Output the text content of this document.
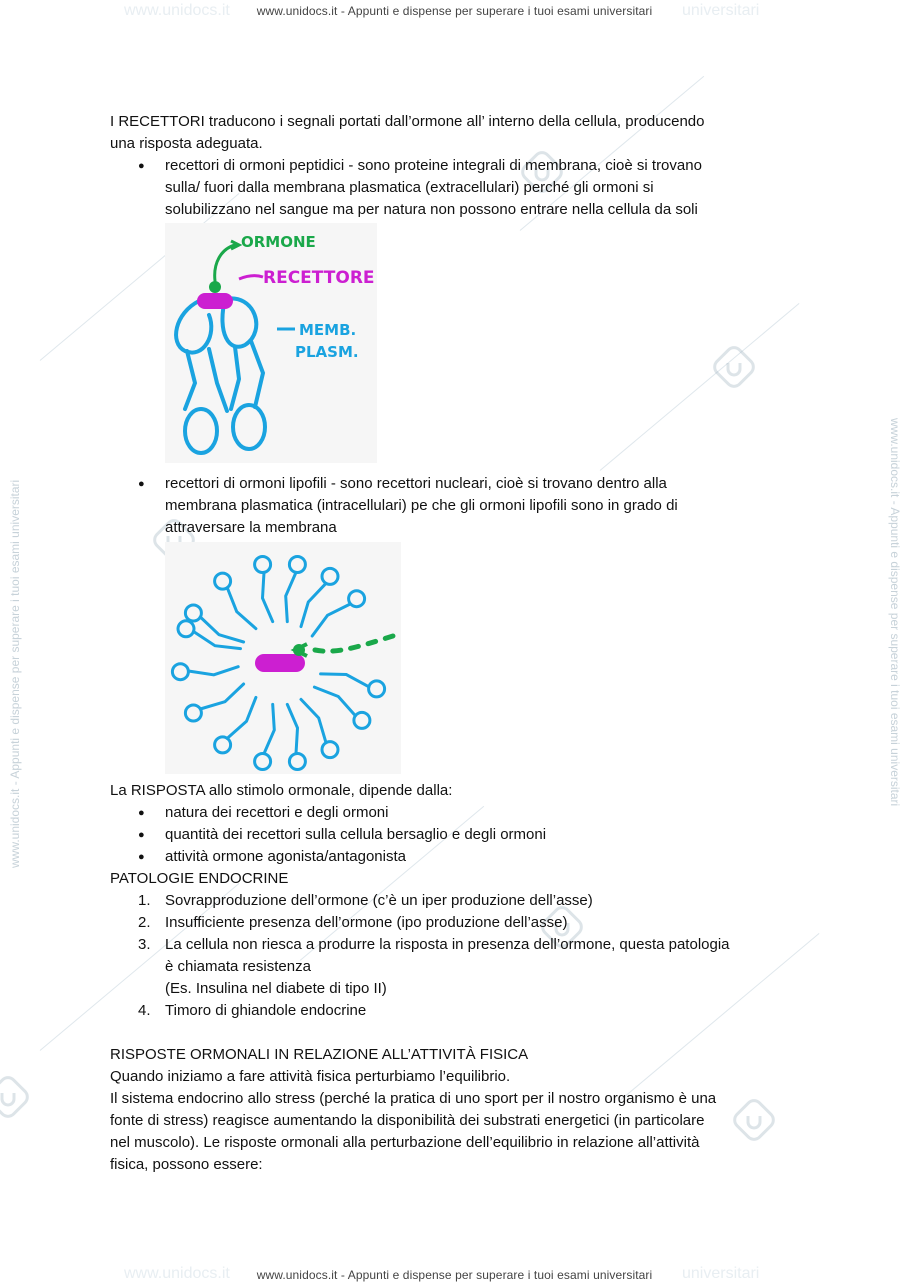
www.unidocs.it	universitari
www.unidocs.it - Appunti e dispense per superare i tuoi esami universitari
www.unidocs.it	universitari
www.unidocs.it - Appunti e dispense per superare i tuoi esami universitari
www.unidocs.it - Appunti e dispense per superare i tuoi esami universitari	www.unidocs.it - Appunti e dispense per superare i tuoi esami universitari

I RECETTORI traducono i segnali portati dall’ormone all’ interno della cellula, producendo

una risposta adeguata.

● recettori di ormoni peptidici - sono proteine integrali di membrana, cioè si trovano

sulla/ fuori dalla membrana plasmatica (extracellulari) perché gli ormoni si

solubilizzano nel sangue ma per natura non possono entrare nella cellula da soli

ORMONE
RECETTORE
MEMB.
PLASM.

● recettori di ormoni lipofili - sono recettori nucleari, cioè si trovano dentro alla

membrana plasmatica (intracellulari) pe che gli ormoni lipofili sono in grado di

attraversare la membrana

La RISPOSTA allo stimolo ormonale, dipende dalla:

● natura dei recettori e degli ormoni

● quantità dei recettori sulla cellula bersaglio e degli ormoni

● attività ormone agonista/antagonista

PATOLOGIE ENDOCRINE

1. Sovrapproduzione dell’ormone (c’è un iper produzione dell’asse)

2. Insufficiente presenza dell’ormone (ipo produzione dell’asse)

3. La cellula non riesca a produrre la risposta in presenza dell’ormone, questa patologia

è chiamata resistenza

(Es. Insulina nel diabete di tipo II)

4. Timoro di ghiandole endocrine

RISPOSTE ORMONALI IN RELAZIONE ALL’ATTIVITÀ FISICA

Quando iniziamo a fare attività fisica perturbiamo l’equilibrio.

Il sistema endocrino allo stress (perché la pratica di uno sport per il nostro organismo è una

fonte di stress) reagisce aumentando la disponibilità dei substrati energetici (in particolare

nel muscolo). Le risposte ormonali alla perturbazione dell’equilibrio in relazione all’attività

fisica, possono essere:
